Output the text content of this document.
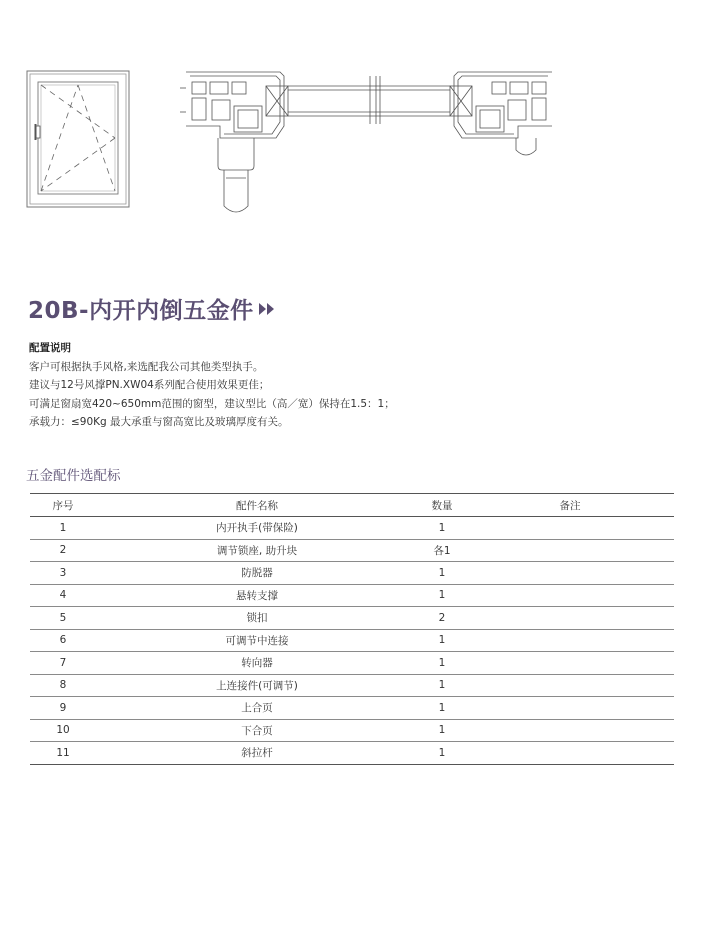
20B-内开内倒五金件
配置说明
客户可根据执手风格,来选配我公司其他类型执手。
建议与12号风撑PN.XW04系列配合使用效果更佳；
可满足窗扇宽420~650mm范围的窗型，建议型比（高／宽）保持在1.5：1；
承载力：≤90Kg 最大承重与窗高宽比及玻璃厚度有关。
五金配件选配标
序号	配件名称	数量	备注
1	内开执手(带保险)	1	
2	调节锁座, 助升块	各1	
3	防脱器	1	
4	悬转支撑	1	
5	锁扣	2	
6	可调节中连接	1	
7	转向器	1	
8	上连接件(可调节)	1	
9	上合页	1	
10	下合页	1	
11	斜拉杆	1	
